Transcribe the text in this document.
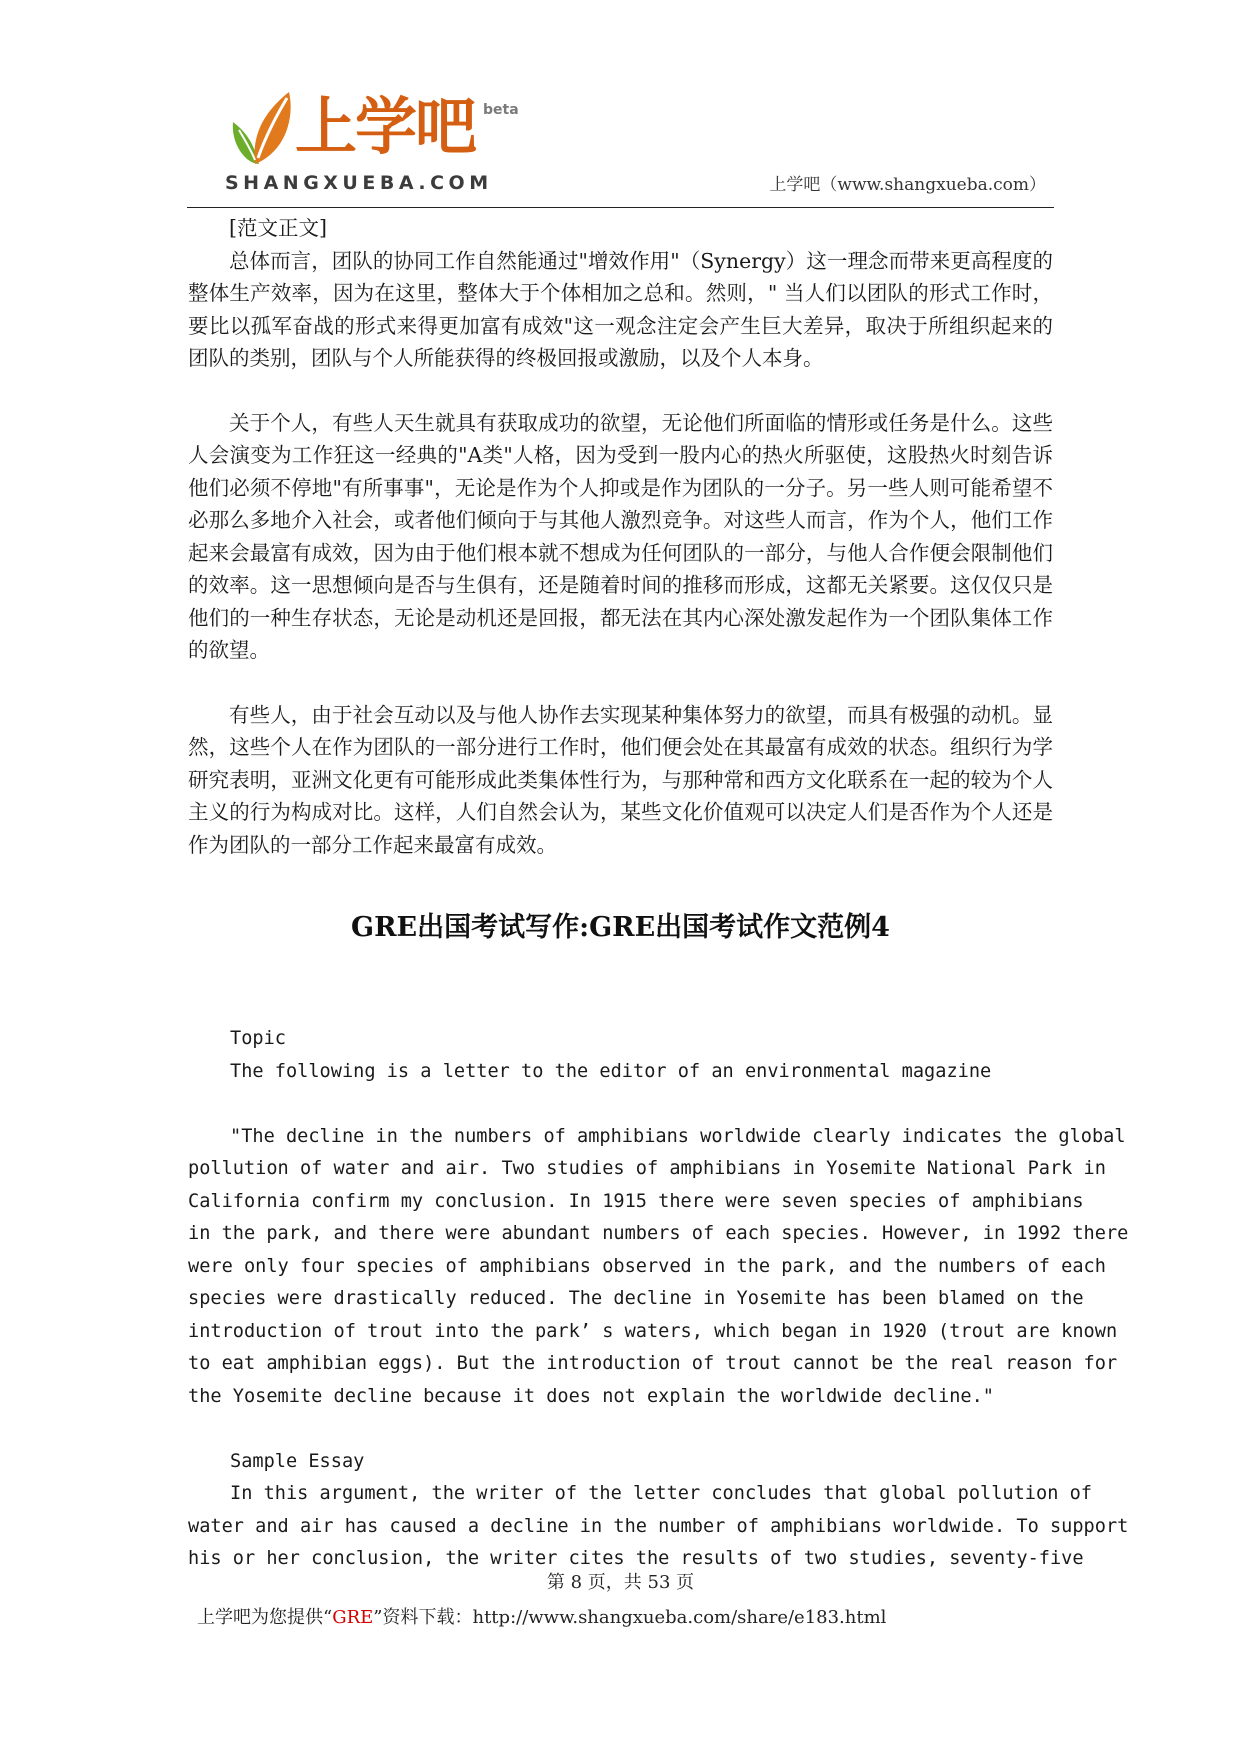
上学吧 beta
SHANGXUEBA.COM	上学吧（www.shangxueba.com）

[范文正文]

总体而言，团队的协同工作自然能通过"增效作用"（Synergy）这一理念而带来更高程度的整体生产效率，因为在这里，整体大于个体相加之总和。然则，" 当人们以团队的形式工作时，要比以孤军奋战的形式来得更加富有成效"这一观念注定会产生巨大差异，取决于所组织起来的团队的类别，团队与个人所能获得的终极回报或激励，以及个人本身。

关于个人，有些人天生就具有获取成功的欲望，无论他们所面临的情形或任务是什么。这些人会演变为工作狂这一经典的"A类"人格，因为受到一股内心的热火所驱使，这股热火时刻告诉他们必须不停地"有所事事"，无论是作为个人抑或是作为团队的一分子。另一些人则可能希望不必那么多地介入社会，或者他们倾向于与其他人激烈竞争。对这些人而言，作为个人，他们工作起来会最富有成效，因为由于他们根本就不想成为任何团队的一部分，与他人合作便会限制他们的效率。这一思想倾向是否与生俱有，还是随着时间的推移而形成，这都无关紧要。这仅仅只是他们的一种生存状态，无论是动机还是回报，都无法在其内心深处激发起作为一个团队集体工作的欲望。

有些人，由于社会互动以及与他人协作去实现某种集体努力的欲望，而具有极强的动机。显然，这些个人在作为团队的一部分进行工作时，他们便会处在其最富有成效的状态。组织行为学研究表明，亚洲文化更有可能形成此类集体性行为，与那种常和西方文化联系在一起的较为个人主义的行为构成对比。这样，人们自然会认为，某些文化价值观可以决定人们是否作为个人还是作为团队的一部分工作起来最富有成效。

GRE出国考试写作:GRE出国考试作文范例4

Topic

The following is a letter to the editor of an environmental magazine

"The decline in the numbers of amphibians worldwide clearly indicates the global

pollution of water and air. Two studies of amphibians in Yosemite National Park in

California confirm my conclusion. In 1915 there were seven species of amphibians

in the park, and there were abundant numbers of each species. However, in 1992 there

were only four species of amphibians observed in the park, and the numbers of each

species were drastically reduced. The decline in Yosemite has been blamed on the

introduction of trout into the park’ s waters, which began in 1920 (trout are known

to eat amphibian eggs). But the introduction of trout cannot be the real reason for

the Yosemite decline because it does not explain the worldwide decline."

Sample Essay

In this argument, the writer of the letter concludes that global pollution of

water and air has caused a decline in the number of amphibians worldwide. To support

his or her conclusion, the writer cites the results of two studies, seventy-five

第 8 页，共 53 页
上学吧为您提供“GRE”资料下载：http://www.shangxueba.com/share/e183.html
